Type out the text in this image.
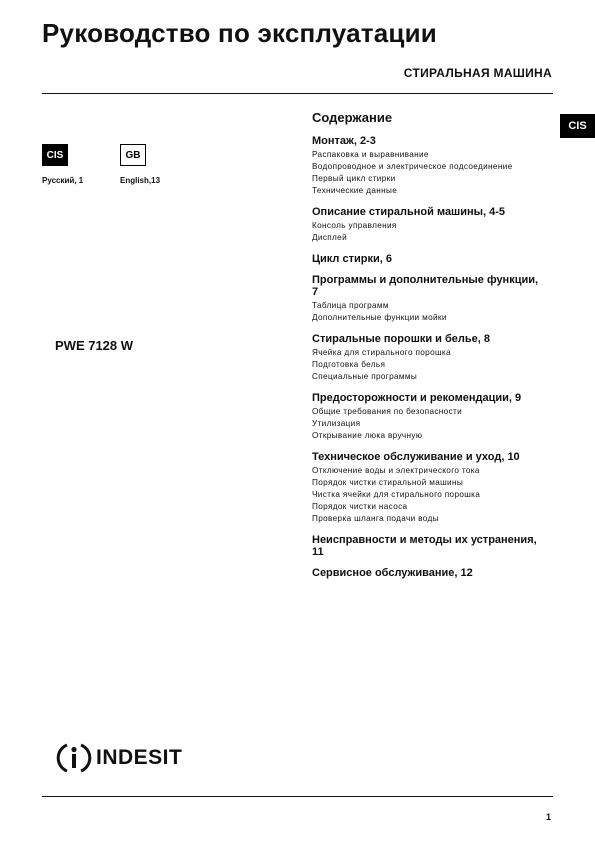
Руководство по эксплуатации
СТИРАЛЬНАЯ МАШИНА
CIS
CIS
Русский, 1
GB
English,13
PWE 7128 W
Содержание
Монтаж, 2-3
Распаковка и выравнивание
Водопроводное и электрическое подсоединение
Первый цикл стирки
Технические данные
Описание стиральной машины, 4-5
Консоль управления
Дисплей
Цикл стирки, 6
Программы и дополнительные функции, 7
Таблица программ
Дополнительные функции мойки
Стиральные порошки и белье, 8
Ячейка для стирального порошка
Подготовка белья
Специальные программы
Предосторожности и рекомендации, 9
Общие требования по безопасности
Утилизация
Открывание люка вручную
Техническое обслуживание и уход, 10
Отключение воды и электрического тока
Порядок чистки стиральной машины
Чистка ячейки для стирального порошка
Порядок чистки насоса
Проверка шланга подачи воды
Неисправности и методы их устранения, 11
Сервисное обслуживание, 12
INDESIT
1
